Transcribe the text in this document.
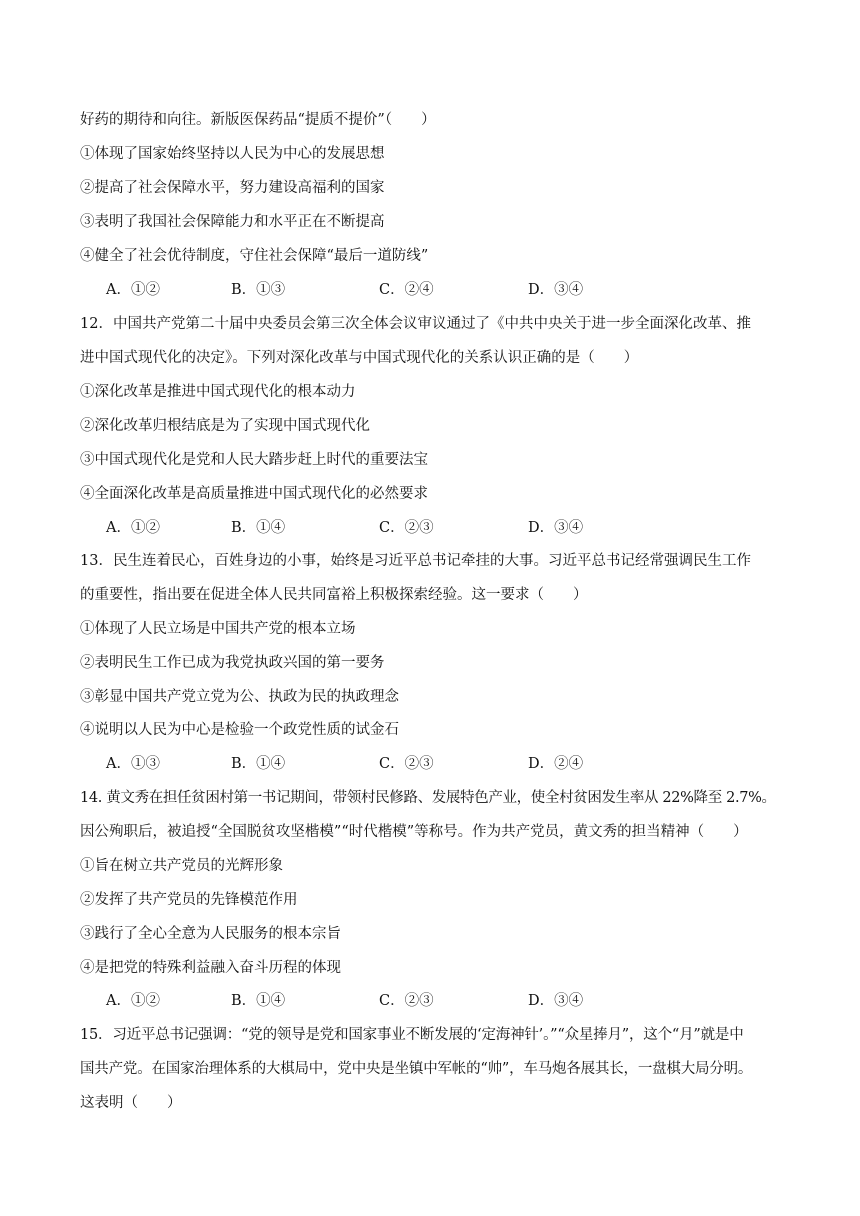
好药的期待和向往。新版医保药品“提质不提价”（　　）
①体现了国家始终坚持以人民为中心的发展思想
②提高了社会保障水平，努力建设高福利的国家
③表明了我国社会保障能力和水平正在不断提高
④健全了社会优待制度，守住社会保障“最后一道防线”
A．①②	B．①③	C．②④	D．③④
12．中国共产党第二十届中央委员会第三次全体会议审议通过了《中共中央关于进一步全面深化改革、推
进中国式现代化的决定》。下列对深化改革与中国式现代化的关系认识正确的是（　　）
①深化改革是推进中国式现代化的根本动力
②深化改革归根结底是为了实现中国式现代化
③中国式现代化是党和人民大踏步赶上时代的重要法宝
④全面深化改革是高质量推进中国式现代化的必然要求
A．①②	B．①④	C．②③	D．③④
13．民生连着民心，百姓身边的小事，始终是习近平总书记牵挂的大事。习近平总书记经常强调民生工作
的重要性，指出要在促进全体人民共同富裕上积极探索经验。这一要求（　　）
①体现了人民立场是中国共产党的根本立场
②表明民生工作已成为我党执政兴国的第一要务
③彰显中国共产党立党为公、执政为民的执政理念
④说明以人民为中心是检验一个政党性质的试金石
A．①③	B．①④	C．②③	D．②④
14. 黄文秀在担任贫困村第一书记期间，带领村民修路、发展特色产业，使全村贫困发生率从 22%降至 2.7%。
因公殉职后，被追授“全国脱贫攻坚楷模”“时代楷模”等称号。作为共产党员，黄文秀的担当精神（　　）
①旨在树立共产党员的光辉形象
②发挥了共产党员的先锋模范作用
③践行了全心全意为人民服务的根本宗旨
④是把党的特殊利益融入奋斗历程的体现
A．①②	B．①④	C．②③	D．③④
15．习近平总书记强调：“党的领导是党和国家事业不断发展的‘定海神针’。”“众星捧月”，这个“月”就是中
国共产党。在国家治理体系的大棋局中，党中央是坐镇中军帐的“帅”，车马炮各展其长，一盘棋大局分明。
这表明（　　）
